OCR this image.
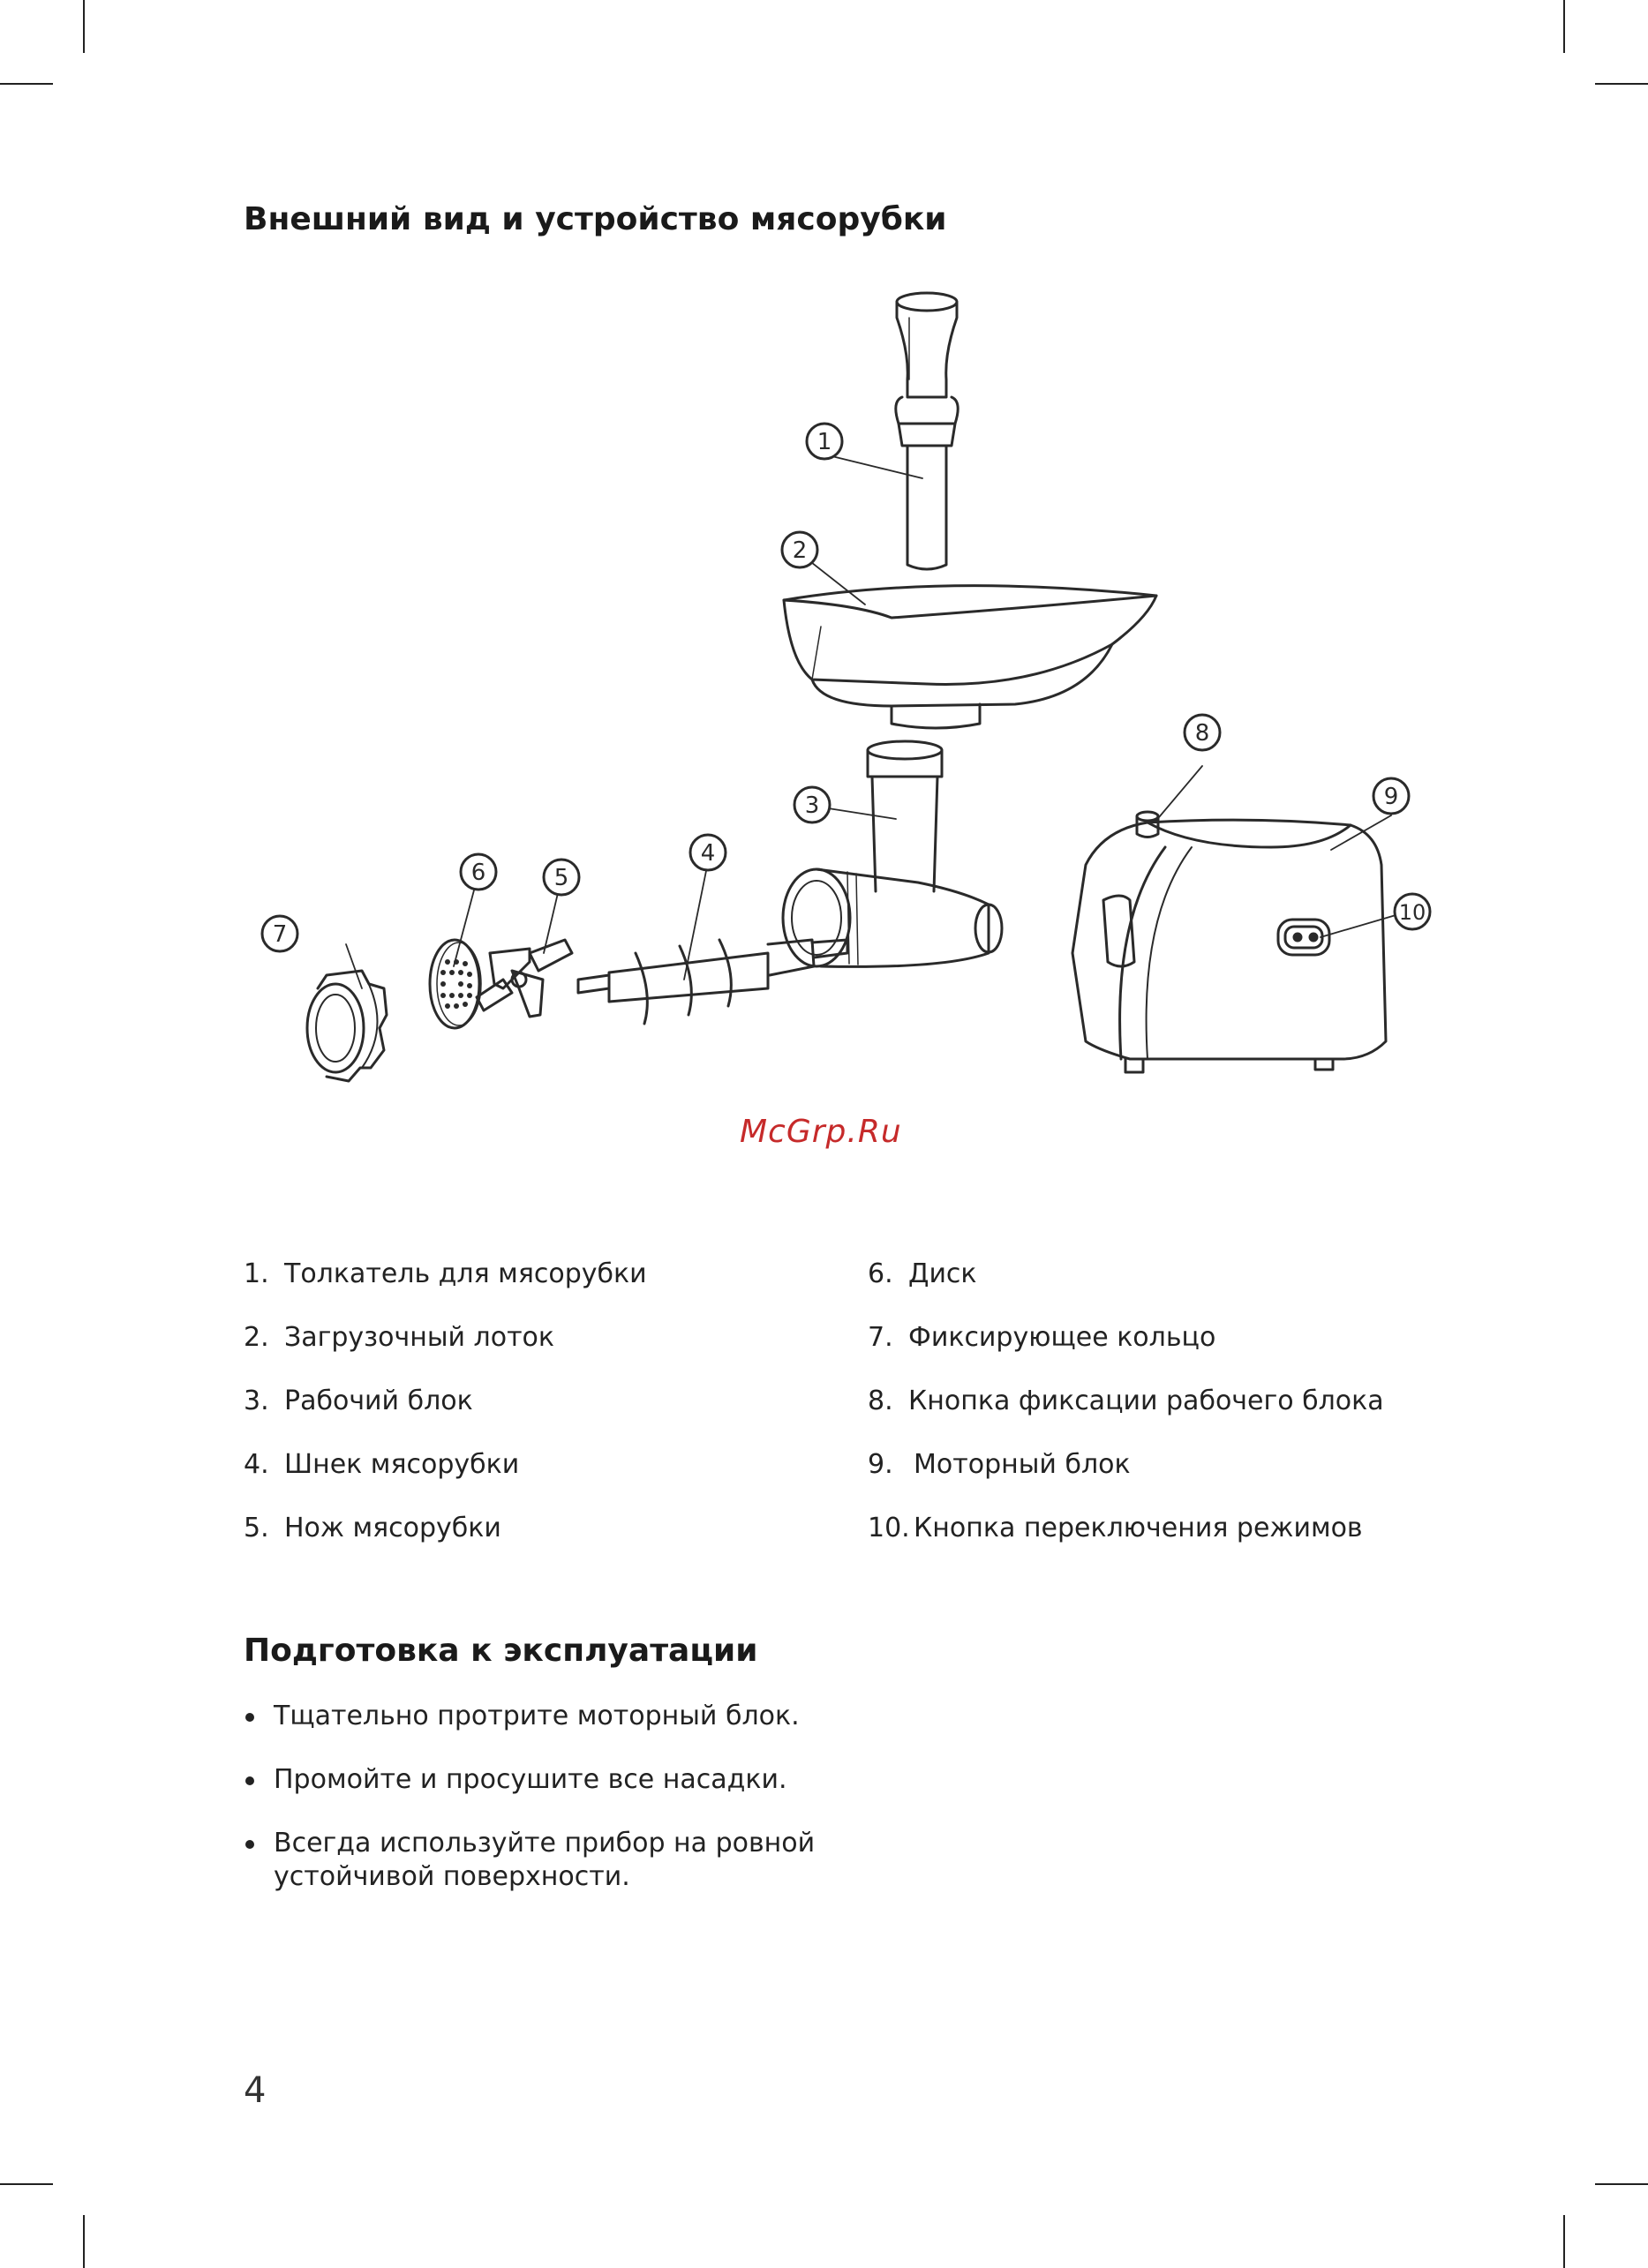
Внешний вид и устройство мясорубки
1
2
3
4
5
6
7
8
9
10
McGrp.Ru
1. Толкатель для мясорубки
2. Загрузочный лоток
3. Рабочий блок
4. Шнек мясорубки
5. Нож мясорубки
6. Диск
7. Фиксирующее кольцо
8. Кнопка фиксации рабочего блока
9. Моторный блок
10. Кнопка переключения режимов
Подготовка к эксплуатации
Тщательно протрите моторный блок.
Промойте и просушите все насадки.
Всегда используйте прибор на ровной устойчивой поверхности.
4
